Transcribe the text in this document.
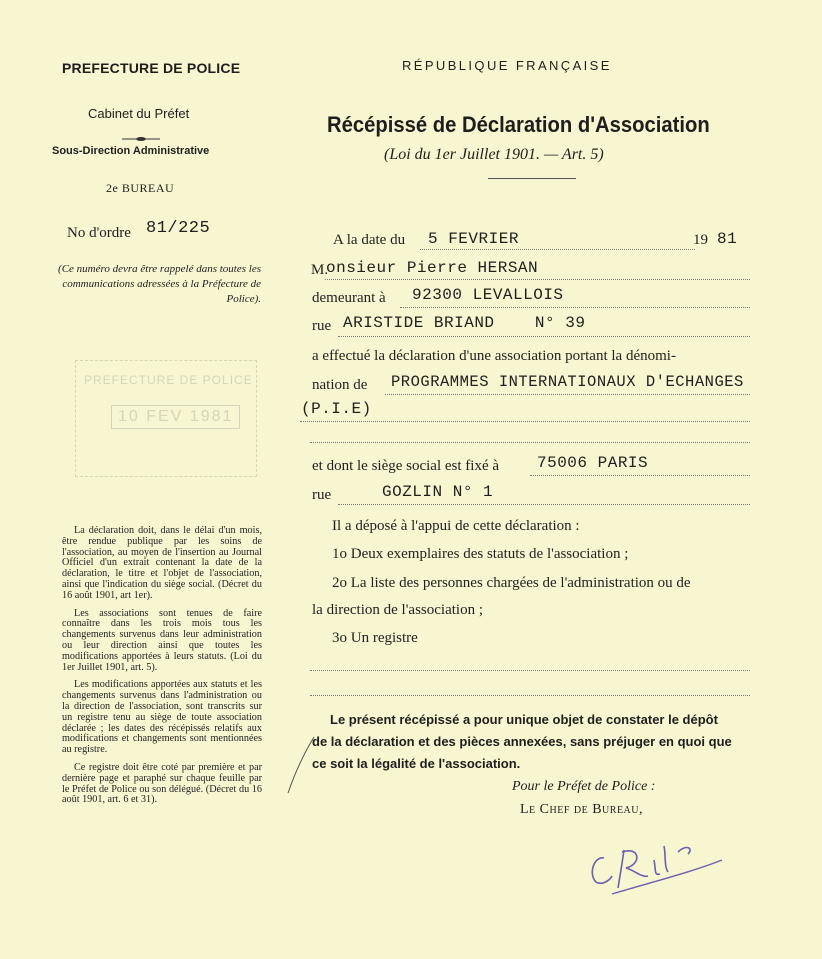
PREFECTURE DE POLICE
Cabinet du Préfet
Sous-Direction Administrative
2e BUREAU
No d'ordre 81/225
(Ce numéro devra être rappelé dans toutes les communications adressées à la Préfecture de Police).
PREFECTURE DE POLICE
10 FEV 1981

La déclaration doit, dans le délai d'un mois, être rendue publique par les soins de l'association, au moyen de l'insertion au Journal Officiel d'un extrait contenant la date de la déclaration, le titre et l'objet de l'association, ainsi que l'indication du siège social. (Décret du 16 août 1901, art 1er).

Les associations sont tenues de faire connaître dans les trois mois tous les changements survenus dans leur administration ou leur direction ainsi que toutes les modifications apportées à leurs statuts. (Loi du 1er Juillet 1901, art. 5).

Les modifications apportées aux statuts et les changements survenus dans l'administration ou la direction de l'association, sont transcrits sur un registre tenu au siège de toute association déclarée ; les dates des récépissés relatifs aux modifications et changements sont mentionnées au registre.

Ce registre doit être coté par première et par dernière page et paraphé sur chaque feuille par le Préfet de Police ou son délégué. (Décret du 16 août 1901, art. 6 et 31).

RÉPUBLIQUE FRANÇAISE
Récépissé de Déclaration d'Association
(Loi du 1er Juillet 1901. — Art. 5)
A la date du 5 FEVRIER	19 81
M.
onsieur Pierre HERSAN
demeurant à 92300 LEVALLOIS
rue ARISTIDE BRIAND    N° 39
a effectué la déclaration d'une association portant la dénomi-
nation de PROGRAMMES INTERNATIONAUX D'ECHANGES
(P.I.E)
et dont le siège social est fixé à 75006 PARIS
rue	GOZLIN N° 1
Il a déposé à l'appui de cette déclaration :
1o Deux exemplaires des statuts de l'association ;
2o La liste des personnes chargées de l'administration ou de
la direction de l'association ;
3o Un registre
Le présent récépissé a pour unique objet de constater le dépôt
de la déclaration et des pièces annexées, sans préjuger en quoi que
ce soit la légalité de l'association.
Pour le Préfet de Police :
Le Chef de Bureau,
